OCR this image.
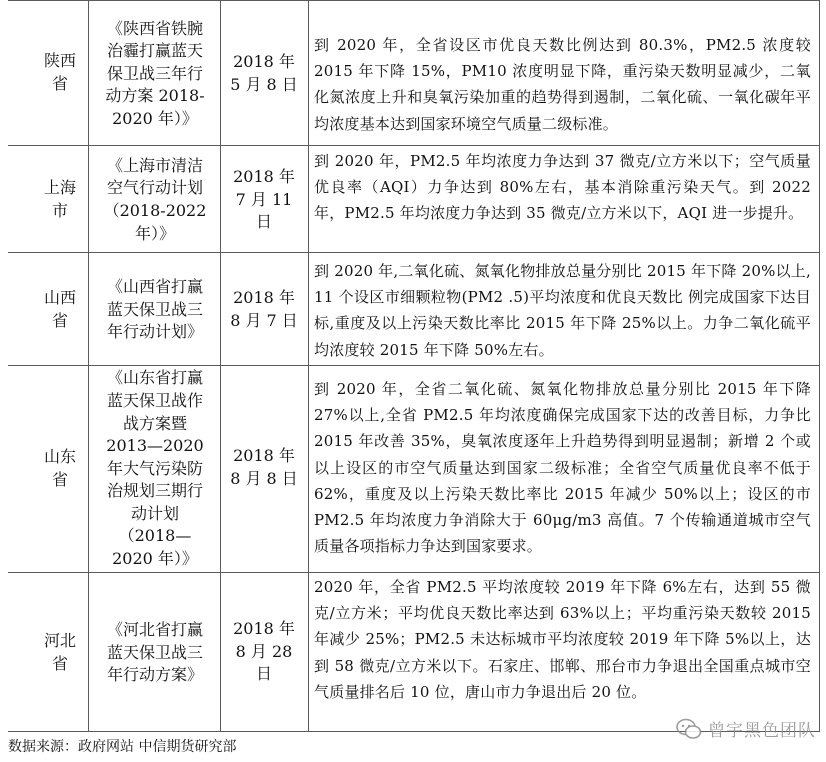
陕西省
《陕西省铁腕治霾打赢蓝天保卫战三年行动方案 2018-2020 年）》
2018 年 5 月 8 日
到 2020 年，全省设区市优良天数比例达到 80.3%，PM2.5 浓度较 2015 年下降 15%，PM10 浓度明显下降，重污染天数明显减少，二氧化氮浓度上升和臭氧污染加重的趋势得到遏制，二氧化硫、一氧化碳年平均浓度基本达到国家环境空气质量二级标准。
上海市
《上海市清洁空气行动计划（2018-2022 年）》
2018 年 7 月 11 日
到 2020 年，PM2.5 年均浓度力争达到 37 微克/立方米以下；空气质量优良率（AQI）力争达到 80%左右，基本消除重污染天气。到 2022 年，PM2.5 年均浓度力争达到 35 微克/立方米以下，AQI 进一步提升。
山西省
《山西省打赢蓝天保卫战三年行动计划》
2018 年 8 月 7 日
到 2020 年,二氧化硫、氮氧化物排放总量分别比 2015 年下降 20%以上, 11 个设区市细颗粒物(PM2 .5)平均浓度和优良天数比 例完成国家下达目标,重度及以上污染天数比率比 2015 年下降 25%以上。力争二氧化硫平均浓度较 2015 年下降 50%左右。
山东省
《山东省打赢蓝天保卫战作战方案暨 2013—2020 年大气污染防治规划三期行动计划（2018—2020 年）》
2018 年 8 月 8 日
到 2020 年，全省二氧化硫、氮氧化物排放总量分别比 2015 年下降 27%以上,全省 PM2.5 年均浓度确保完成国家下达的改善目标，力争比 2015 年改善 35%，臭氧浓度逐年上升趋势得到明显遏制；新增 2 个或以上设区的市空气质量达到国家二级标准；全省空气质量优良率不低于 62%，重度及以上污染天数比率比 2015 年减少 50%以上；设区的市 PM2.5 年均浓度力争消除大于 60μg/m3 高值。7 个传输通道城市空气质量各项指标力争达到国家要求。
河北省
《河北省打赢蓝天保卫战三年行动方案》
2018 年 8 月 28 日
2020 年，全省 PM2.5 平均浓度较 2019 年下降 6%左右，达到 55 微克/立方米；平均优良天数比率达到 63%以上；平均重污染天数较 2015 年减少 25%；PM2.5 未达标城市平均浓度较 2019 年下降 5%以上，达到 58 微克/立方米以下。石家庄、邯郸、邢台市力争退出全国重点城市空气质量排名后 10 位，唐山市力争退出后 20 位。
曾宇黑色团队
数据来源：政府网站 中信期货研究部
